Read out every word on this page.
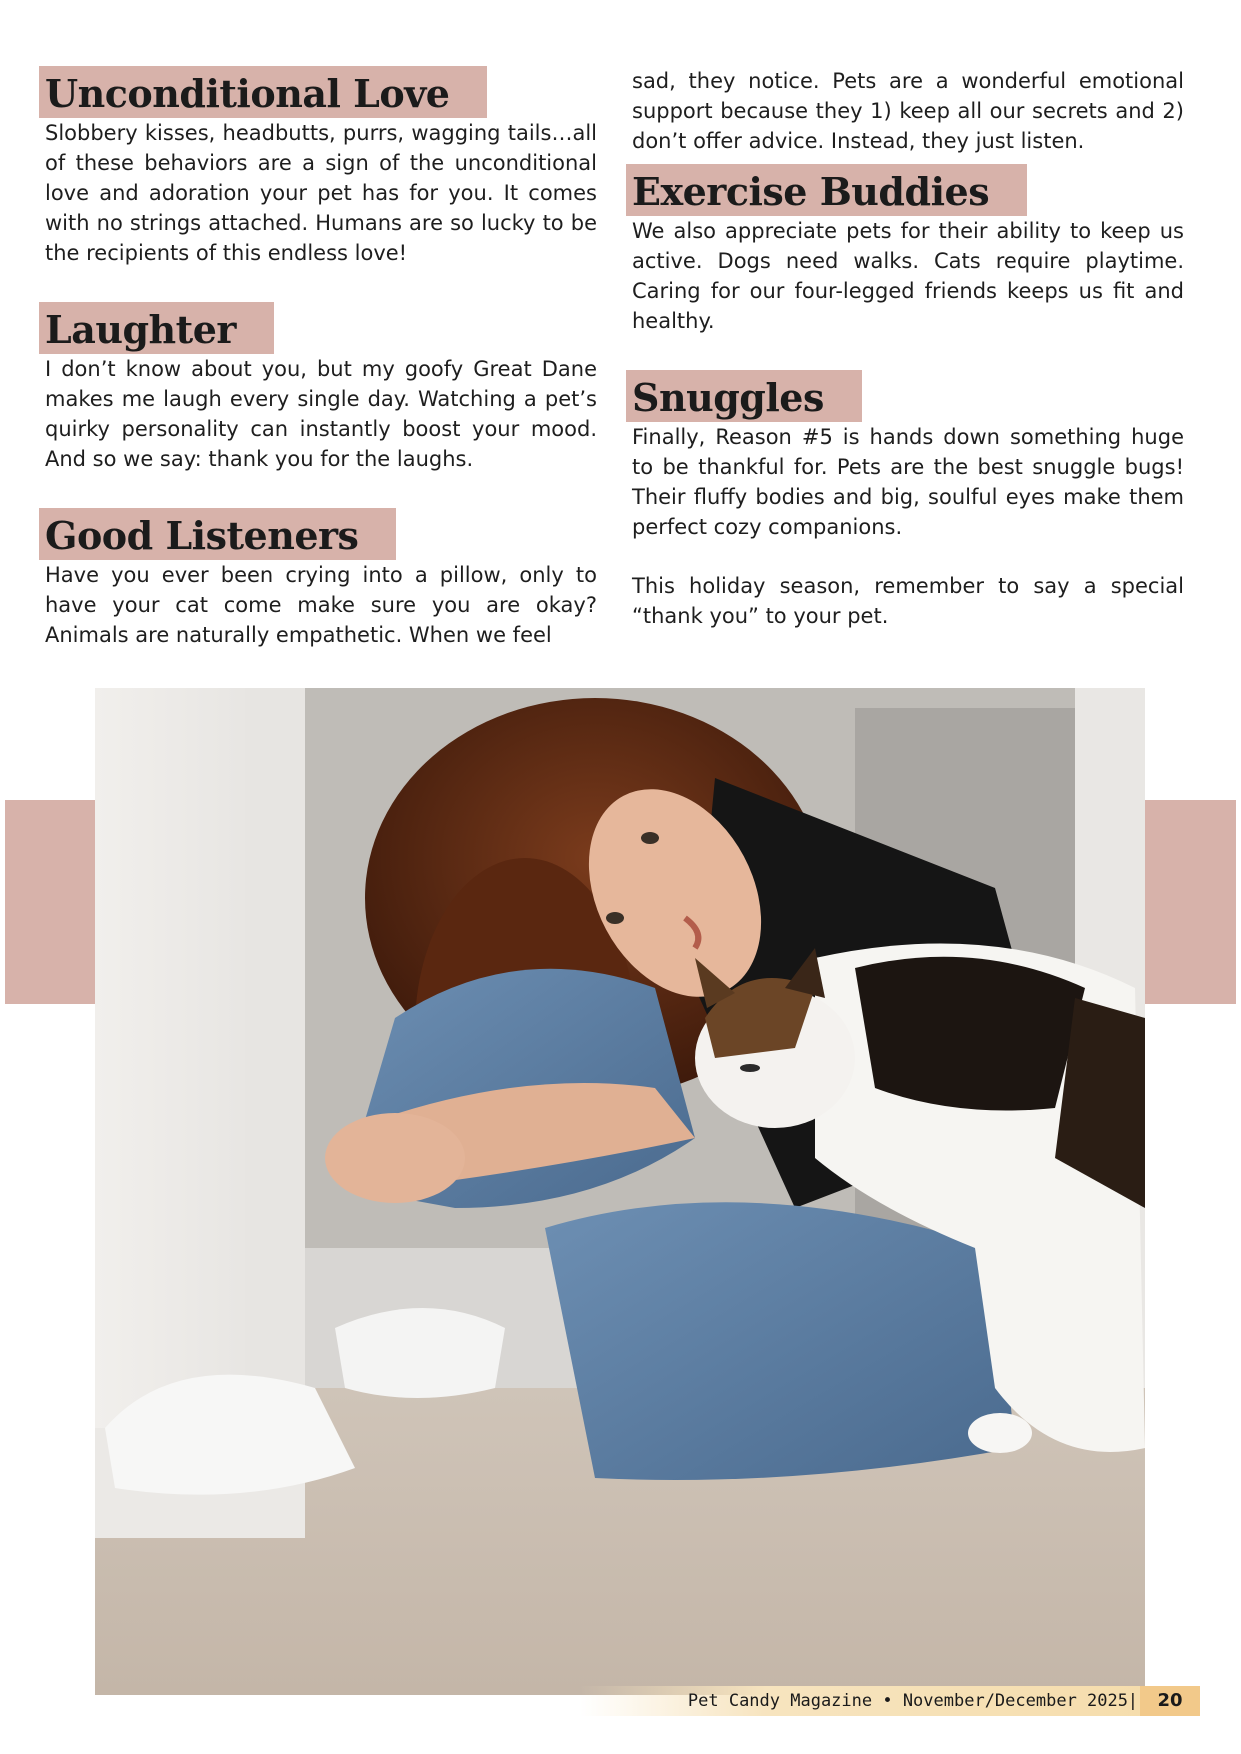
Unconditional Love

Slobbery kisses, headbutts, purrs, wagging tails…all of these behaviors are a sign of the unconditional love and adoration your pet has for you. It comes with no strings attached. Humans are so lucky to be the recipients of this endless love!

Laughter

I don’t know about you, but my goofy Great Dane makes me laugh every single day. Watching a pet’s quirky personality can instantly boost your mood. And so we say: thank you for the laughs.

Good Listeners

Have you ever been crying into a pillow, only to have your cat come make sure you are okay? Animals are naturally empathetic. When we feel

sad, they notice. Pets are a wonderful emotional support because they 1) keep all our secrets and 2) don’t offer advice. Instead, they just listen.

Exercise Buddies

We also appreciate pets for their ability to keep us active. Dogs need walks. Cats require playtime. Caring for our four-legged friends keeps us fit and healthy.

Snuggles

Finally, Reason #5 is hands down something huge to be thankful for. Pets are the best snuggle bugs! Their fluffy bodies and big, soulful eyes make them perfect cozy companions.

This holiday season, remember to say a special “thank you” to your pet.

Pet Candy Magazine • November/December 2025 |	20
